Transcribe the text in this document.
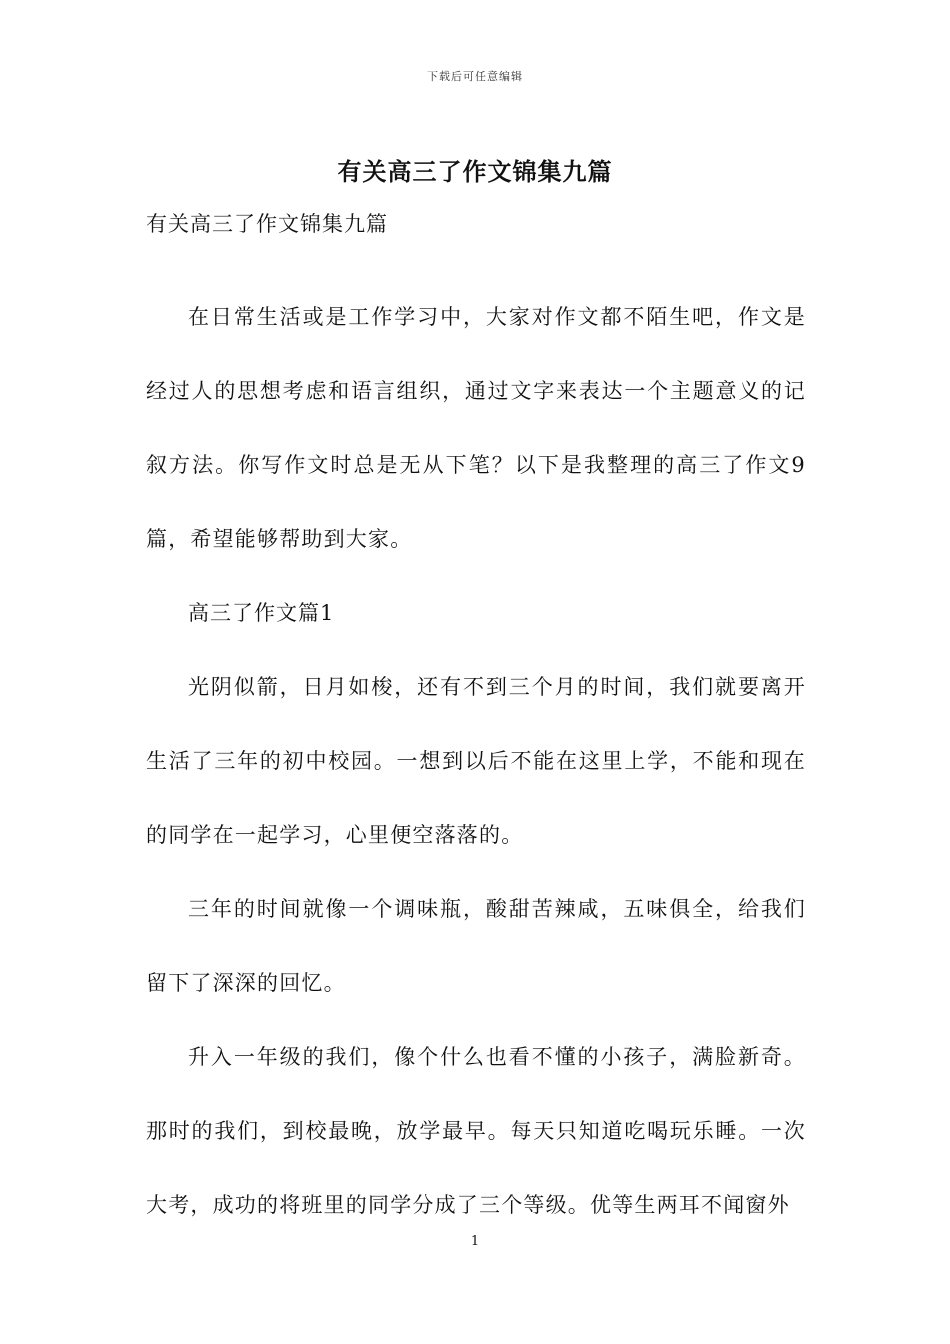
下载后可任意编辑
有关高三了作文锦集九篇

有关高三了作文锦集九篇

在日常生活或是工作学习中，大家对作文都不陌生吧，作文是经过人的思想考虑和语言组织，通过文字来表达一个主题意义的记叙方法。你写作文时总是无从下笔？以下是我整理的高三了作文9篇，希望能够帮助到大家。

高三了作文篇1

光阴似箭，日月如梭，还有不到三个月的时间，我们就要离开生活了三年的初中校园。一想到以后不能在这里上学，不能和现在的同学在一起学习，心里便空落落的。

三年的时间就像一个调味瓶，酸甜苦辣咸，五味俱全，给我们留下了深深的回忆。

升入一年级的我们，像个什么也看不懂的小孩子，满脸新奇。那时的我们，到校最晚，放学最早。每天只知道吃喝玩乐睡。一次大考，成功的将班里的同学分成了三个等级。优等生两耳不闻窗外

1
